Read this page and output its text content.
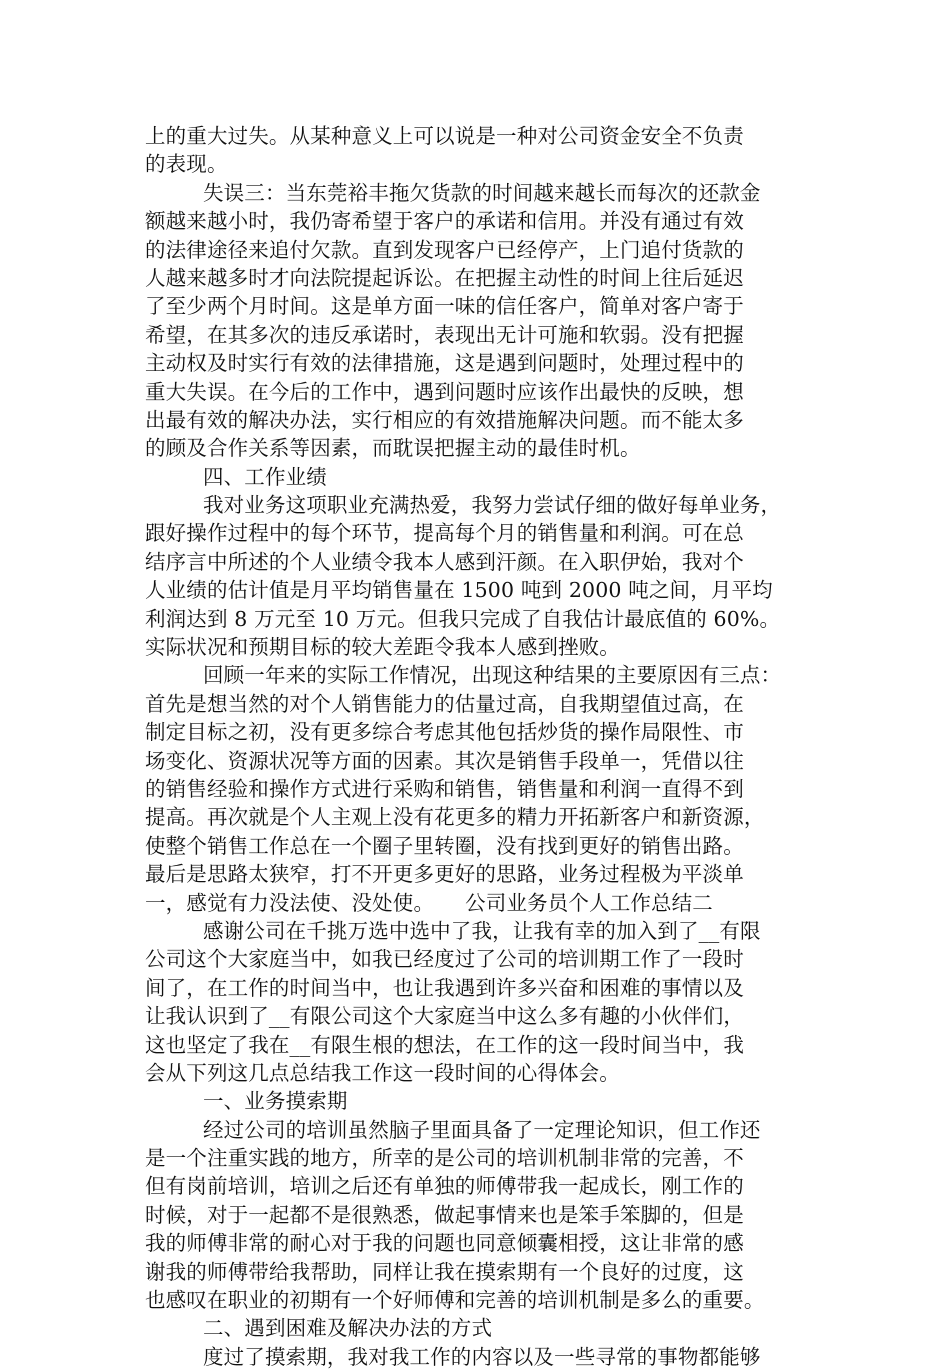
上的重大过失。从某种意义上可以说是一种对公司资金安全不负责
的表现。
失误三：当东莞裕丰拖欠货款的时间越来越长而每次的还款金
额越来越小时，我仍寄希望于客户的承诺和信用。并没有通过有效
的法律途径来追付欠款。直到发现客户已经停产，上门追付货款的
人越来越多时才向法院提起诉讼。在把握主动性的时间上往后延迟
了至少两个月时间。这是单方面一味的信任客户，简单对客户寄于
希望，在其多次的违反承诺时，表现出无计可施和软弱。没有把握
主动权及时实行有效的法律措施，这是遇到问题时，处理过程中的
重大失误。在今后的工作中，遇到问题时应该作出最快的反映，想
出最有效的解决办法，实行相应的有效措施解决问题。而不能太多
的顾及合作关系等因素，而耽误把握主动的最佳时机。
四、工作业绩
我对业务这项职业充满热爱，我努力尝试仔细的做好每单业务，
跟好操作过程中的每个环节，提高每个月的销售量和利润。可在总
结序言中所述的个人业绩令我本人感到汗颜。在入职伊始，我对个
人业绩的估计值是月平均销售量在 1500 吨到 2000 吨之间，月平均
利润达到 8 万元至 10 万元。但我只完成了自我估计最底值的 60%。
实际状况和预期目标的较大差距令我本人感到挫败。
回顾一年来的实际工作情况，出现这种结果的主要原因有三点：
首先是想当然的对个人销售能力的估量过高，自我期望值过高，在
制定目标之初，没有更多综合考虑其他包括炒货的操作局限性、市
场变化、资源状况等方面的因素。其次是销售手段单一，凭借以往
的销售经验和操作方式进行采购和销售，销售量和利润一直得不到
提高。再次就是个人主观上没有花更多的精力开拓新客户和新资源，
使整个销售工作总在一个圈子里转圈，没有找到更好的销售出路。
最后是思路太狭窄，打不开更多更好的思路，业务过程极为平淡单
一，感觉有力没法使、没处使。　　公司业务员个人工作总结二
感谢公司在千挑万选中选中了我，让我有幸的加入到了__有限
公司这个大家庭当中，如我已经度过了公司的培训期工作了一段时
间了，在工作的时间当中，也让我遇到许多兴奋和困难的事情以及
让我认识到了__有限公司这个大家庭当中这么多有趣的小伙伴们，
这也坚定了我在__有限生根的想法，在工作的这一段时间当中，我
会从下列这几点总结我工作这一段时间的心得体会。
一、业务摸索期
经过公司的培训虽然脑子里面具备了一定理论知识，但工作还
是一个注重实践的地方，所幸的是公司的培训机制非常的完善，不
但有岗前培训，培训之后还有单独的师傅带我一起成长，刚工作的
时候，对于一起都不是很熟悉，做起事情来也是笨手笨脚的，但是
我的师傅非常的耐心对于我的问题也同意倾囊相授，这让非常的感
谢我的师傅带给我帮助，同样让我在摸索期有一个良好的过度，这
也感叹在职业的初期有一个好师傅和完善的培训机制是多么的重要。
二、遇到困难及解决办法的方式
度过了摸索期，我对我工作的内容以及一些寻常的事物都能够
